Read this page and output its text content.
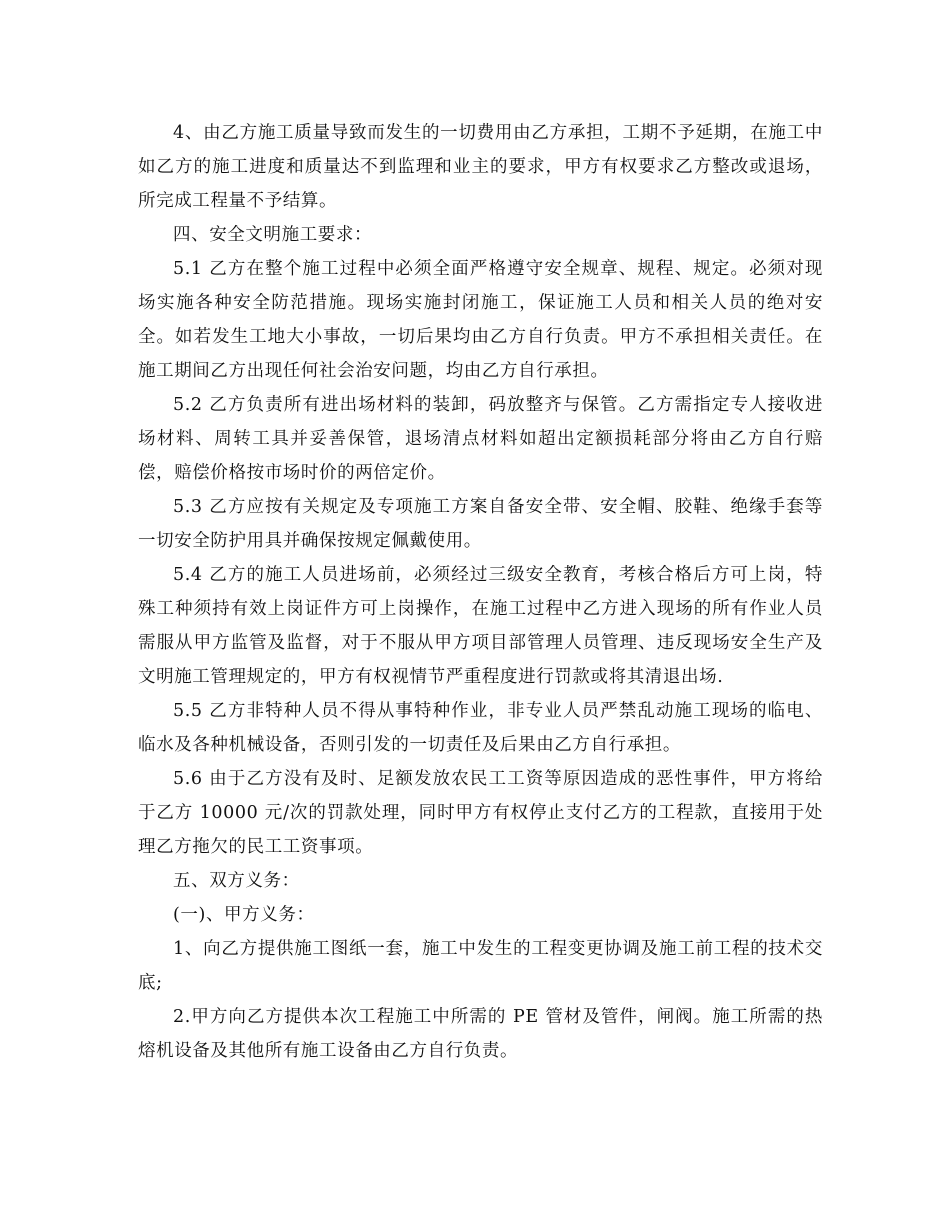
4、由乙方施工质量导致而发生的一切费用由乙方承担，工期不予延期，在施工中如乙方的施工进度和质量达不到监理和业主的要求，甲方有权要求乙方整改或退场，所完成工程量不予结算。

四、安全文明施工要求：

5.1 乙方在整个施工过程中必须全面严格遵守安全规章、规程、规定。必须对现场实施各种安全防范措施。现场实施封闭施工，保证施工人员和相关人员的绝对安全。如若发生工地大小事故，一切后果均由乙方自行负责。甲方不承担相关责任。在施工期间乙方出现任何社会治安问题，均由乙方自行承担。

5.2 乙方负责所有进出场材料的装卸，码放整齐与保管。乙方需指定专人接收进场材料、周转工具并妥善保管，退场清点材料如超出定额损耗部分将由乙方自行赔偿，赔偿价格按市场时价的两倍定价。

5.3 乙方应按有关规定及专项施工方案自备安全带、安全帽、胶鞋、绝缘手套等一切安全防护用具并确保按规定佩戴使用。

5.4 乙方的施工人员进场前，必须经过三级安全教育，考核合格后方可上岗，特殊工种须持有效上岗证件方可上岗操作，在施工过程中乙方进入现场的所有作业人员需服从甲方监管及监督，对于不服从甲方项目部管理人员管理、违反现场安全生产及文明施工管理规定的，甲方有权视情节严重程度进行罚款或将其清退出场.

5.5 乙方非特种人员不得从事特种作业，非专业人员严禁乱动施工现场的临电、临水及各种机械设备，否则引发的一切责任及后果由乙方自行承担。

5.6 由于乙方没有及时、足额发放农民工工资等原因造成的恶性事件，甲方将给于乙方 10000 元/次的罚款处理，同时甲方有权停止支付乙方的工程款，直接用于处理乙方拖欠的民工工资事项。

五、双方义务：

(一)、甲方义务：

1、向乙方提供施工图纸一套，施工中发生的工程变更协调及施工前工程的技术交底;

2.甲方向乙方提供本次工程施工中所需的 PE 管材及管件，闸阀。施工所需的热熔机设备及其他所有施工设备由乙方自行负责。
